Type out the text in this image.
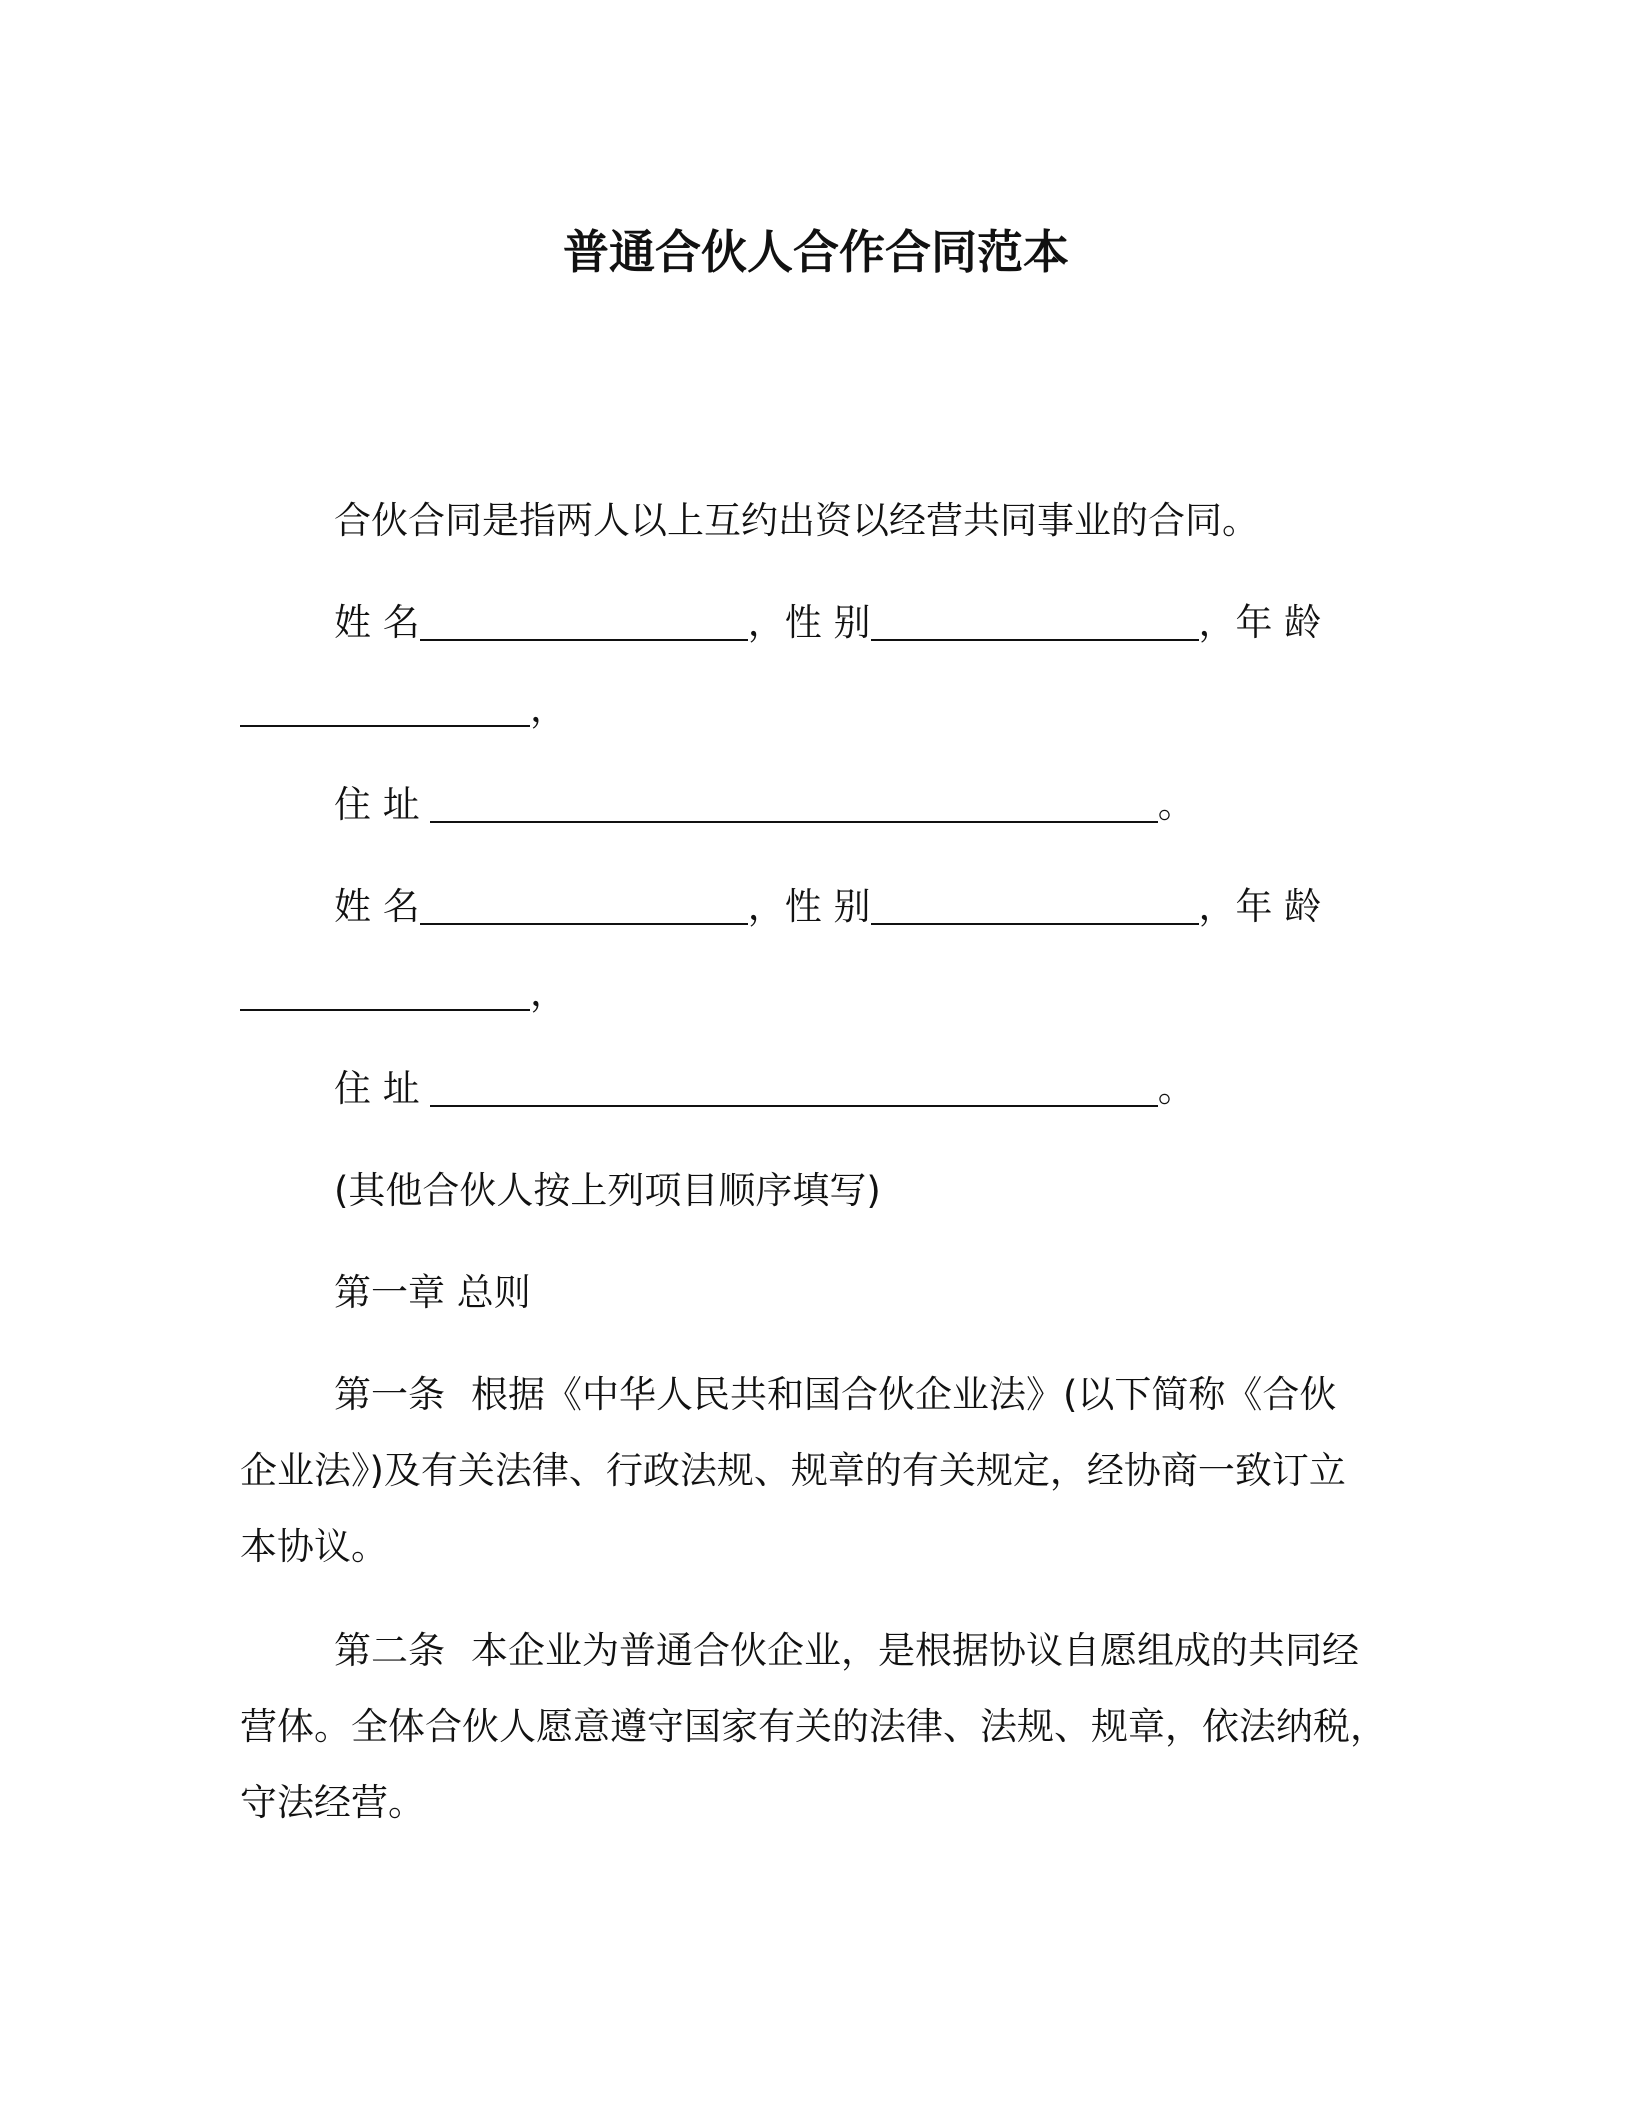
普通合伙人合作合同范本
合伙合同是指两人以上互约出资以经营共同事业的合同。
姓 名	，性 别	，年 龄
，
住 址	。
姓 名	，性 别	，年 龄
，
住 址	。
(其他合伙人按上列项目顺序填写)
第一章 总则
第一条 根据《中华人民共和国合伙企业法》(以下简称《合伙
企业法》)及有关法律、行政法规、规章的有关规定，经协商一致订立
本协议。
第二条 本企业为普通合伙企业，是根据协议自愿组成的共同经
营体。全体合伙人愿意遵守国家有关的法律、法规、规章，依法纳税，
守法经营。
